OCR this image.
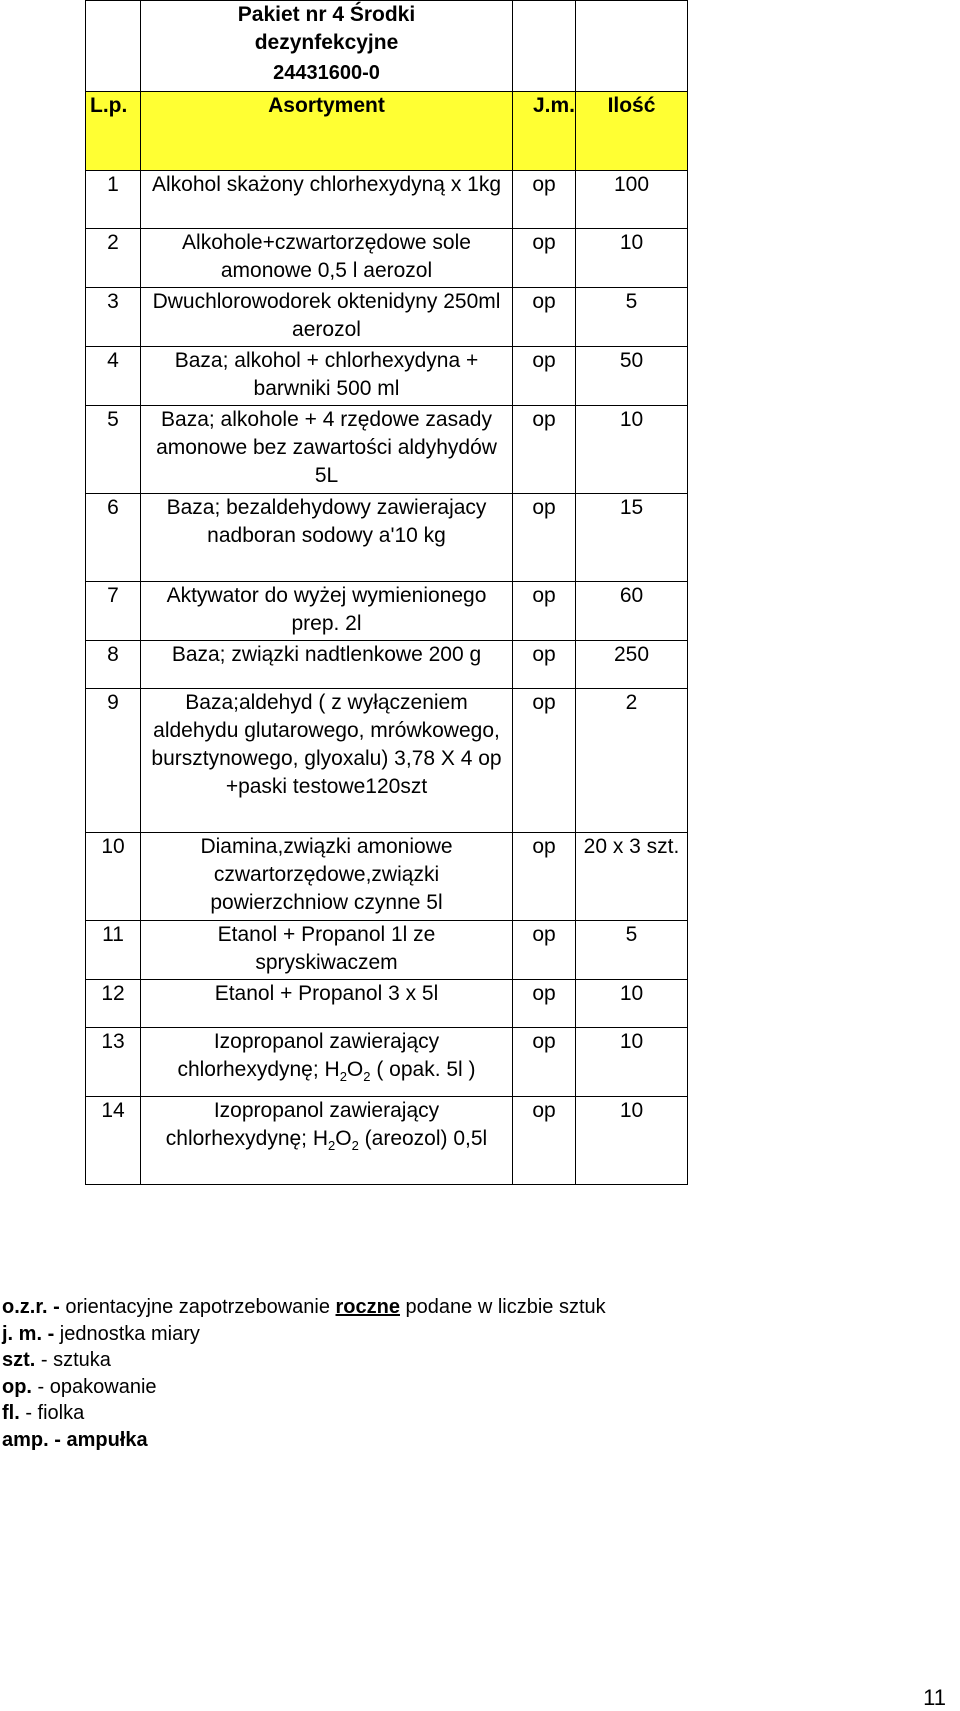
	Pakiet nr 4 Środki
dezynfekcyjne
24431600-0		

L.p.	Asortyment	J.m.	Ilość
1	Alkohol skażony chlorhexydyną x 1kg	op	100
2	Alkohole+czwartorzędowe sole amonowe 0,5 l aerozol	op	10
3	Dwuchlorowodorek oktenidyny 250ml aerozol	op	5
4	Baza; alkohol + chlorhexydyna + barwniki 500 ml	op	50
5	Baza; alkohole + 4 rzędowe zasady amonowe bez zawartości aldyhydów 5L	op	10
6	Baza; bezaldehydowy zawierajacy nadboran sodowy a'10 kg	op	15
7	Aktywator do wyżej wymienionego prep. 2l	op	60
8	Baza; związki nadtlenkowe 200 g	op	250
9	Baza;aldehyd ( z wyłączeniem aldehydu glutarowego, mrówkowego, bursztynowego, glyoxalu) 3,78 X 4 op +paski testowe120szt	op	2
10	Diamina,związki amoniowe czwartorzędowe,związki powierzchniow czynne 5l	op	20 x 3 szt.
11	Etanol + Propanol 1l ze spryskiwaczem	op	5
12	Etanol + Propanol 3 x 5l	op	10
13	Izopropanol zawierający chlorhexydynę; $H_2O_2$ ( opak. 5l )	op	10
14	Izopropanol zawierający chlorhexydynę; $H_2O_2$ (areozol) 0,5l	op	10
o.z.r. - orientacyjne zapotrzebowanie roczne podane w liczbie sztuk
j. m. - jednostka miary
szt. - sztuka
op. - opakowanie
fl. - fiolka
amp. - ampułka
11
